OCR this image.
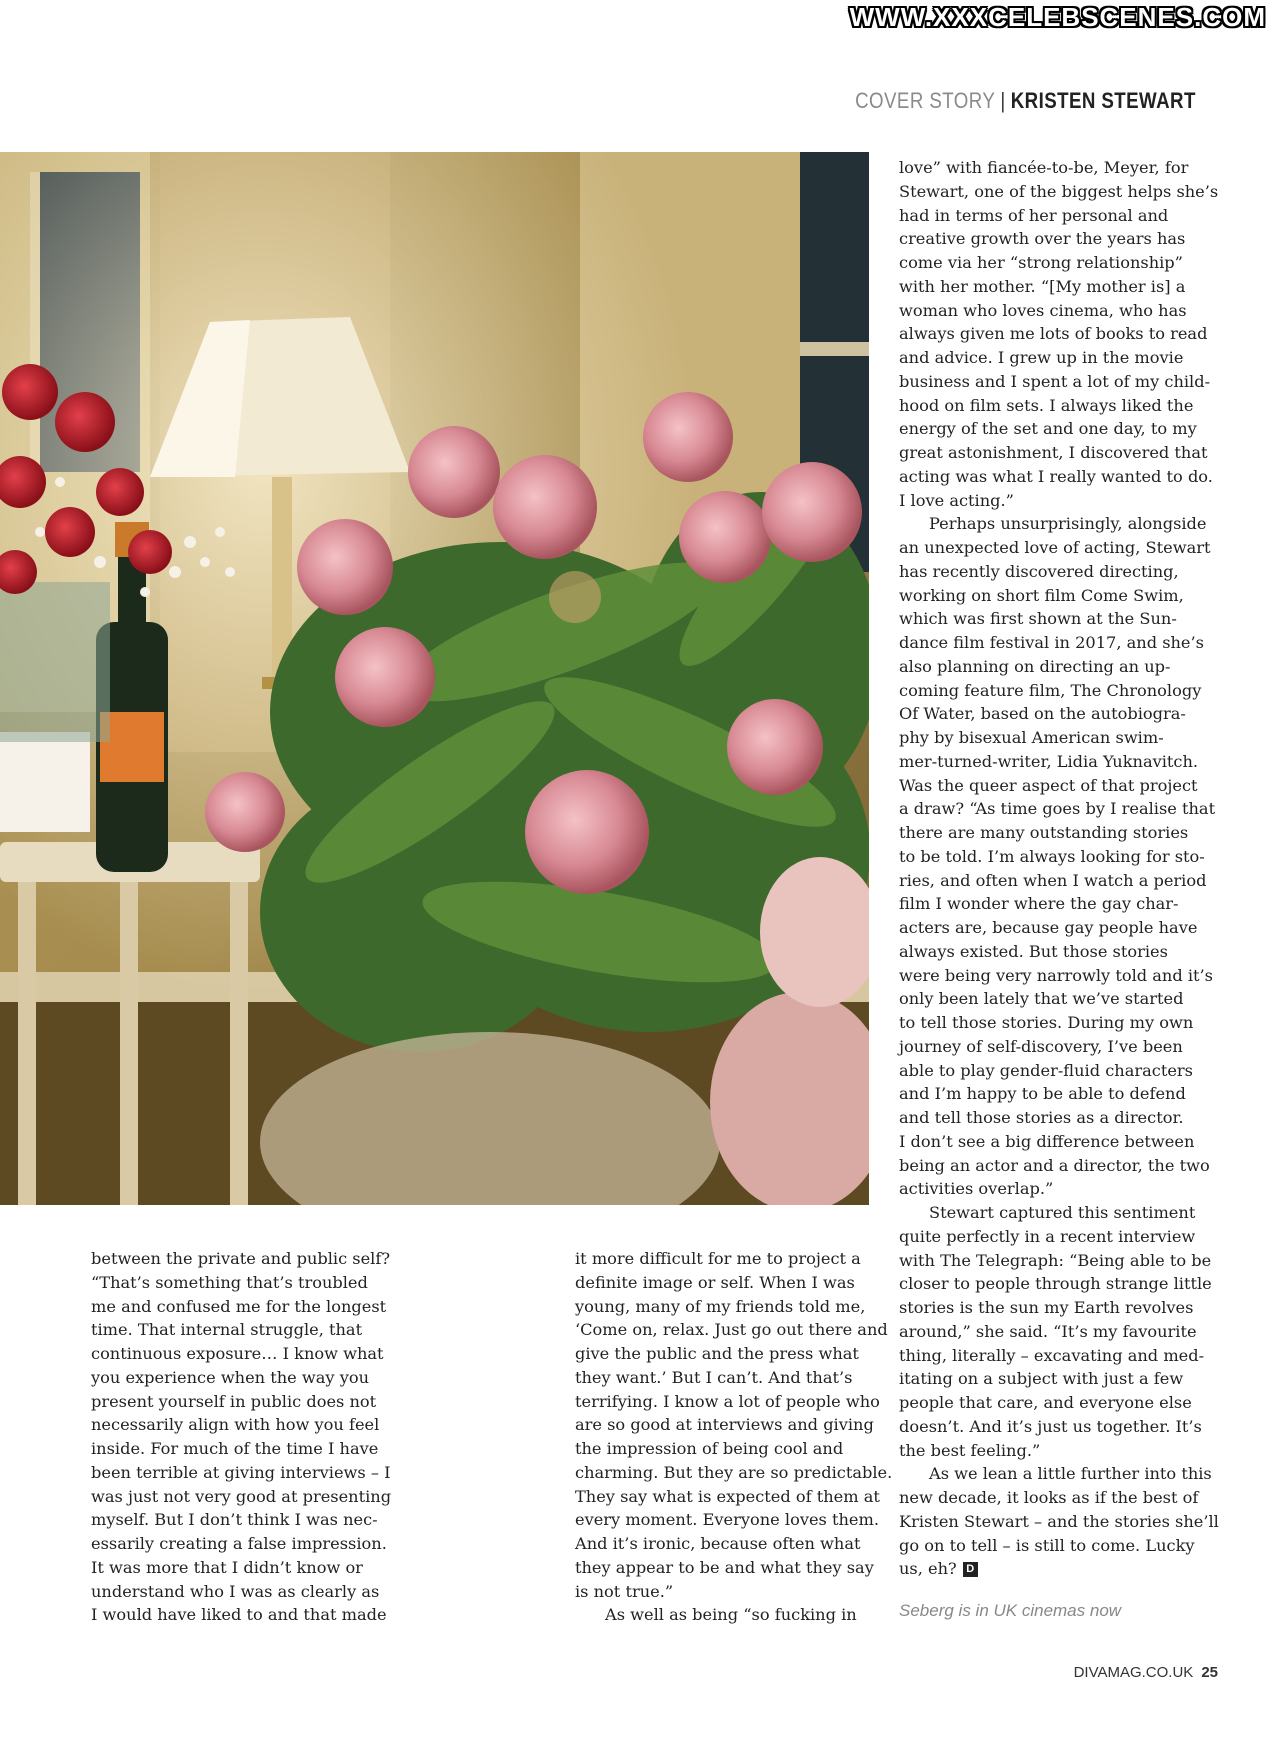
WWW.XXXCELEBSCENES.COM
COVER STORY | KRISTEN STEWART

between the private and public self?

“That’s something that’s troubled

me and confused me for the longest

time. That internal struggle, that

continuous exposure… I know what

you experience when the way you

present yourself in public does not

necessarily align with how you feel

inside. For much of the time I have

been terrible at giving interviews – I

was just not very good at presenting

myself. But I don’t think I was nec-

essarily creating a false impression.

It was more that I didn’t know or

understand who I was as clearly as

I would have liked to and that made

it more difficult for me to project a

definite image or self. When I was

young, many of my friends told me,

‘Come on, relax. Just go out there and

give the public and the press what

they want.’ But I can’t. And that’s

terrifying. I know a lot of people who

are so good at interviews and giving

the impression of being cool and

charming. But they are so predictable.

They say what is expected of them at

every moment. Everyone loves them.

And it’s ironic, because often what

they appear to be and what they say

is not true.”

As well as being “so fucking in

love” with fiancée-to-be, Meyer, for

Stewart, one of the biggest helps she’s

had in terms of her personal and

creative growth over the years has

come via her “strong relationship”

with her mother. “[My mother is] a

woman who loves cinema, who has

always given me lots of books to read

and advice. I grew up in the movie

business and I spent a lot of my child-

hood on film sets. I always liked the

energy of the set and one day, to my

great astonishment, I discovered that

acting was what I really wanted to do.

I love acting.”

Perhaps unsurprisingly, alongside

an unexpected love of acting, Stewart

has recently discovered directing,

working on short film Come Swim,

which was first shown at the Sun-

dance film festival in 2017, and she’s

also planning on directing an up-

coming feature film, The Chronology

Of Water, based on the autobiogra-

phy by bisexual American swim-

mer-turned-writer, Lidia Yuknavitch.

Was the queer aspect of that project

a draw? “As time goes by I realise that

there are many outstanding stories

to be told. I’m always looking for sto-

ries, and often when I watch a period

film I wonder where the gay char-

acters are, because gay people have

always existed. But those stories

were being very narrowly told and it’s

only been lately that we’ve started

to tell those stories. During my own

journey of self-discovery, I’ve been

able to play gender-fluid characters

and I’m happy to be able to defend

and tell those stories as a director.

I don’t see a big difference between

being an actor and a director, the two

activities overlap.”

Stewart captured this sentiment

quite perfectly in a recent interview

with The Telegraph: “Being able to be

closer to people through strange little

stories is the sun my Earth revolves

around,” she said. “It’s my favourite

thing, literally – excavating and med-

itating on a subject with just a few

people that care, and everyone else

doesn’t. And it’s just us together. It’s

the best feeling.”

As we lean a little further into this

new decade, it looks as if the best of

Kristen Stewart – and the stories she’ll

go on to tell – is still to come. Lucky

us, eh? D

Seberg is in UK cinemas now
DIVAMAG.CO.UK 25
